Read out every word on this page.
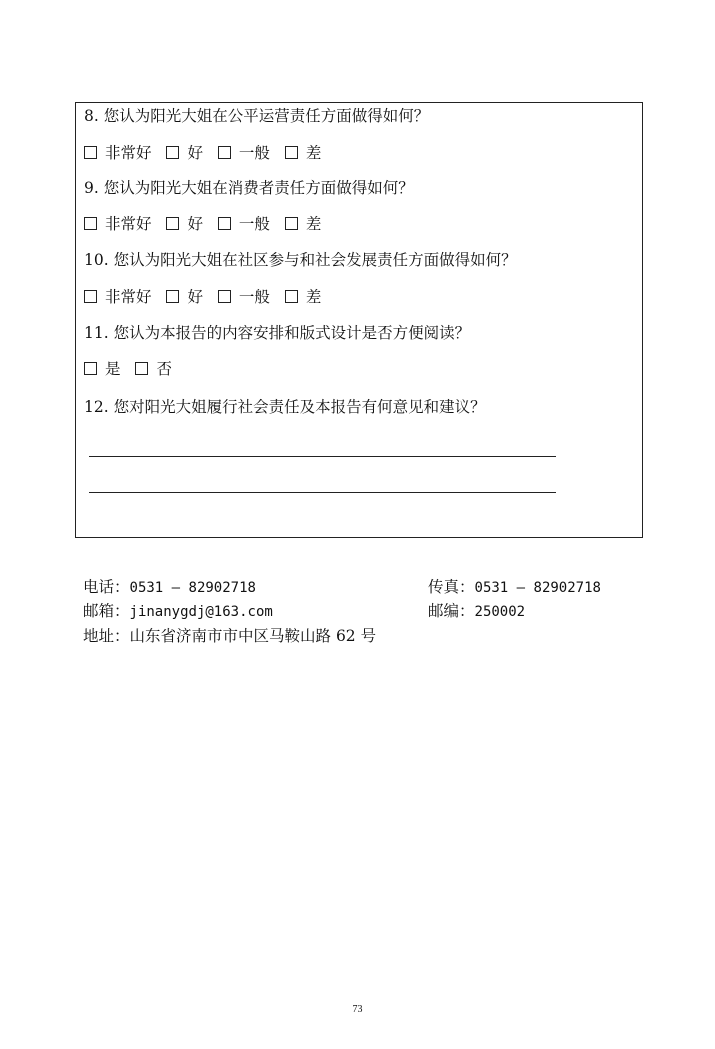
8. 您认为阳光大姐在公平运营责任方面做得如何？
非常好 好 一般 差
9. 您认为阳光大姐在消费者责任方面做得如何？
非常好 好 一般 差
10. 您认为阳光大姐在社区参与和社会发展责任方面做得如何？
非常好 好 一般 差
11. 您认为本报告的内容安排和版式设计是否方便阅读？
是 否
12. 您对阳光大姐履行社会责任及本报告有何意见和建议？
电话：0531 — 82902718	传真：0531 — 82902718
邮箱：jinanygdj@163.com	邮编：250002
地址：山东省济南市市中区马鞍山路 62 号
73
